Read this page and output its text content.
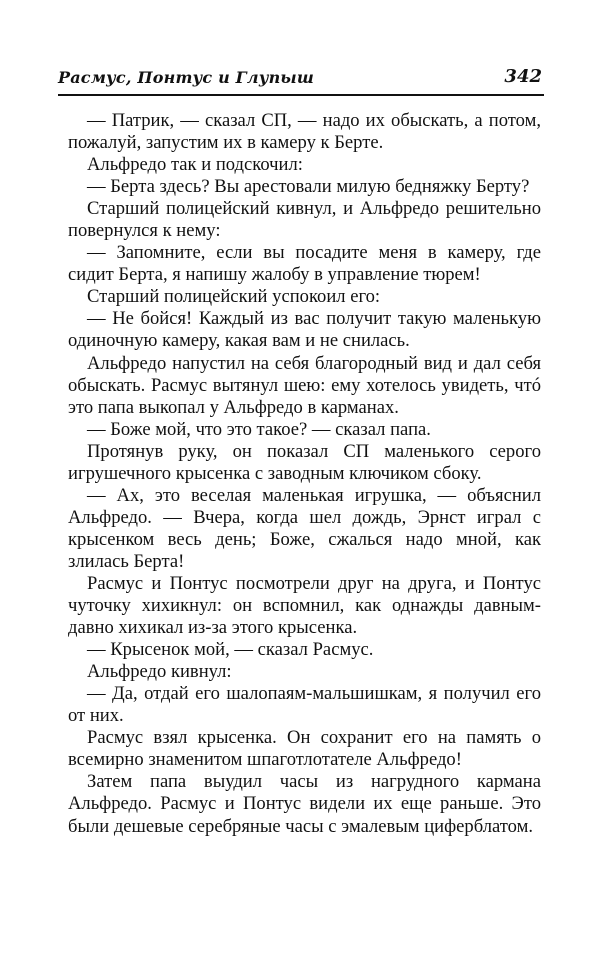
Расмус, Понтус и Глупыш	342

— Патрик, — сказал СП, — надо их обыскать, а потом, пожалуй, запустим их в камеру к Берте.

Альфредо так и подскочил:

— Берта здесь? Вы арестовали милую бедняжку Берту?

Старший полицейский кивнул, и Альфредо решительно повернулся к нему:

— Запомните, если вы посадите меня в камеру, где сидит Берта, я напишу жалобу в управление тюрем!

Старший полицейский успокоил его:

— Не бойся! Каждый из вас получит такую маленькую одиночную камеру, какая вам и не снилась.

Альфредо напустил на себя благородный вид и дал себя обыскать. Расмус вытянул шею: ему хотелось увидеть, чтó это папа выкопал у Альфредо в карманах.

— Боже мой, что это такое? — сказал папа.

Протянув руку, он показал СП маленького серого игрушечного крысенка с заводным ключиком сбоку.

— Ах, это веселая маленькая игрушка, — объяснил Альфредо. — Вчера, когда шел дождь, Эрнст играл с крысенком весь день; Боже, сжалься надо мной, как злилась Берта!

Расмус и Понтус посмотрели друг на друга, и Понтус чуточку хихикнул: он вспомнил, как однажды давным-давно хихикал из-за этого крысенка.

— Крысенок мой, — сказал Расмус.

Альфредо кивнул:

— Да, отдай его шалопаям-мальшишкам, я получил его от них.

Расмус взял крысенка. Он сохранит его на память о всемирно знаменитом шпаготлотателе Альфредо!

Затем папа выудил часы из нагрудного кармана Альфредо. Расмус и Понтус видели их еще раньше. Это были дешевые серебряные часы с эмалевым циферблатом.
